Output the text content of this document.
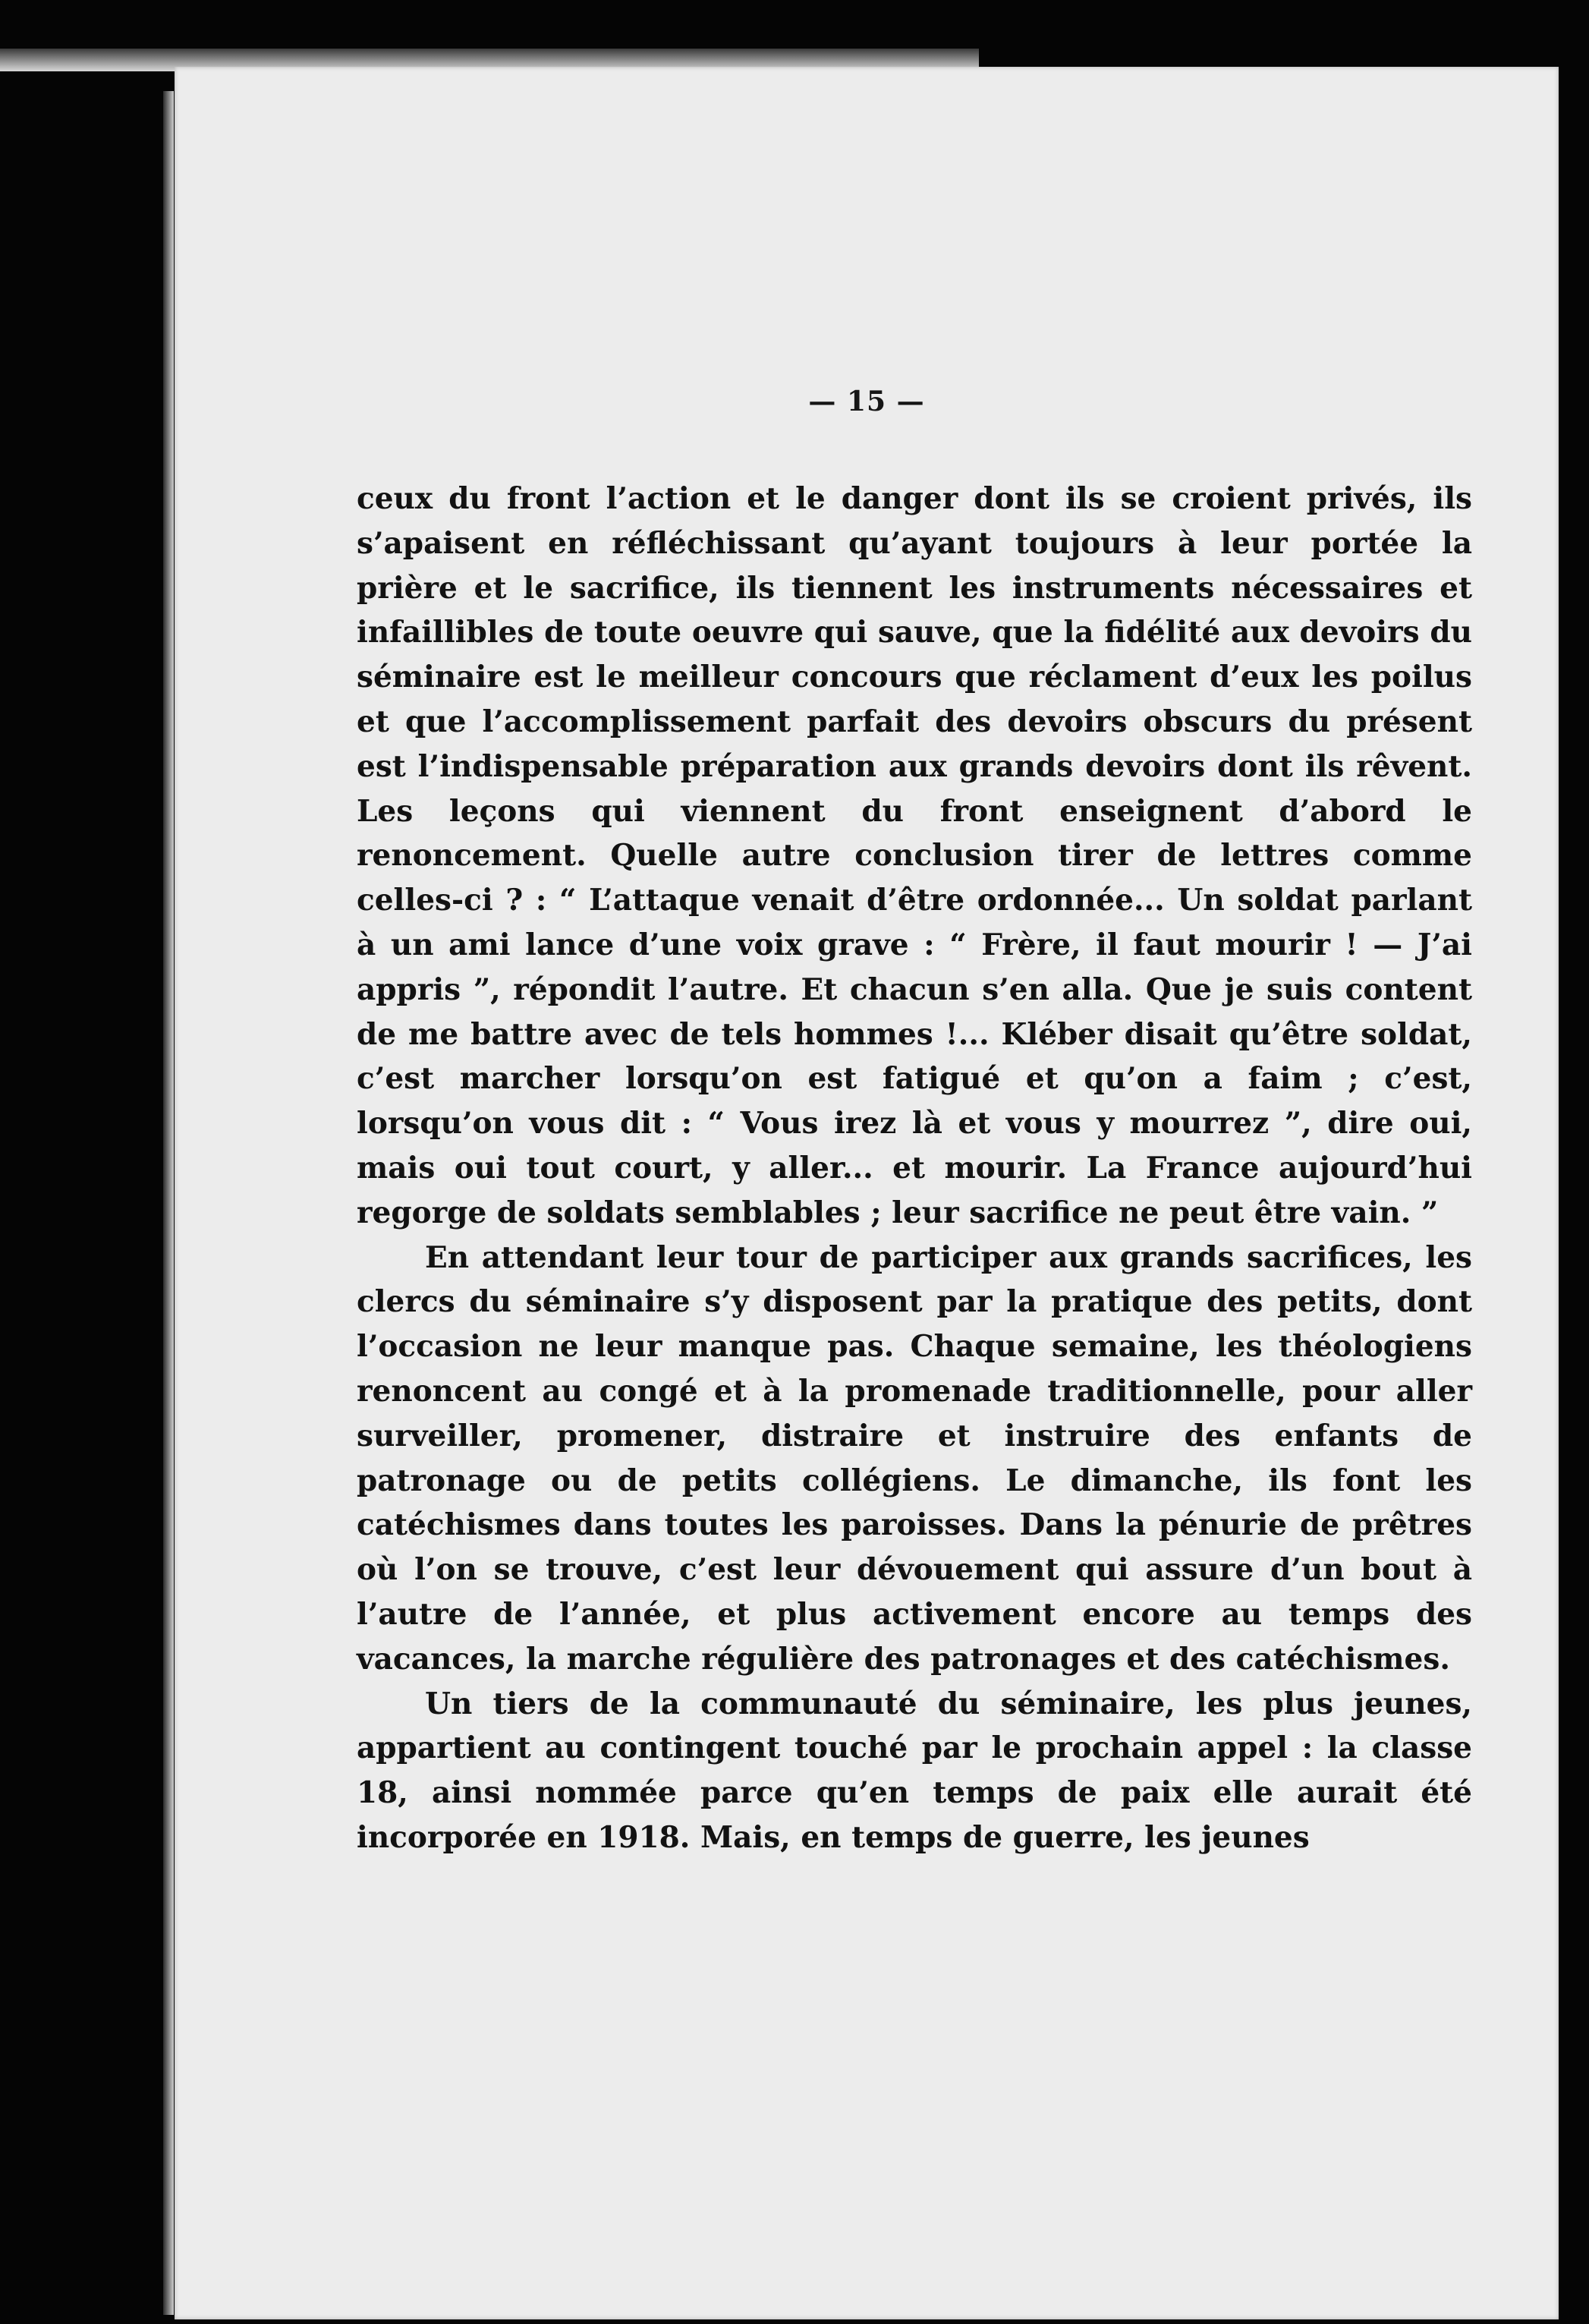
— 15 —

ceux du front l’action et le danger dont ils se croient privés, ils s’apaisent en réfléchissant qu’ayant toujours à leur portée la prière et le sacrifice, ils tiennent les instruments nécessaires et infaillibles de toute oeuvre qui sauve, que la fidélité aux devoirs du séminaire est le meilleur concours que réclament d’eux les poilus et que l’accomplissement parfait des devoirs obscurs du présent est l’indispensable préparation aux grands devoirs dont ils rêvent. Les leçons qui viennent du front enseignent d’abord le renoncement. Quelle autre conclusion tirer de lettres comme celles-ci ? : “ L’attaque venait d’être ordonnée... Un soldat parlant à un ami lance d’une voix grave : “ Frère, il faut mourir ! — J’ai appris ”, répondit l’autre. Et chacun s’en alla. Que je suis content de me battre avec de tels hommes !... Kléber disait qu’être soldat, c’est marcher lorsqu’on est fatigué et qu’on a faim ; c’est, lorsqu’on vous dit : “ Vous irez là et vous y mourrez ”, dire oui, mais oui tout court, y aller... et mourir. La France aujourd’hui regorge de soldats semblables ; leur sacrifice ne peut être vain. ”

En attendant leur tour de participer aux grands sacrifices, les clercs du séminaire s’y disposent par la pratique des petits, dont l’occasion ne leur manque pas. Chaque semaine, les théologiens renoncent au congé et à la promenade traditionnelle, pour aller surveiller, promener, distraire et instruire des enfants de patronage ou de petits collégiens. Le dimanche, ils font les catéchismes dans toutes les paroisses. Dans la pénurie de prêtres où l’on se trouve, c’est leur dévouement qui assure d’un bout à l’autre de l’année, et plus activement encore au temps des vacances, la marche régulière des patronages et des catéchismes.

Un tiers de la communauté du séminaire, les plus jeunes, appartient au contingent touché par le prochain appel : la classe 18, ainsi nommée parce qu’en temps de paix elle aurait été incorporée en 1918. Mais, en temps de guerre, les jeunes
